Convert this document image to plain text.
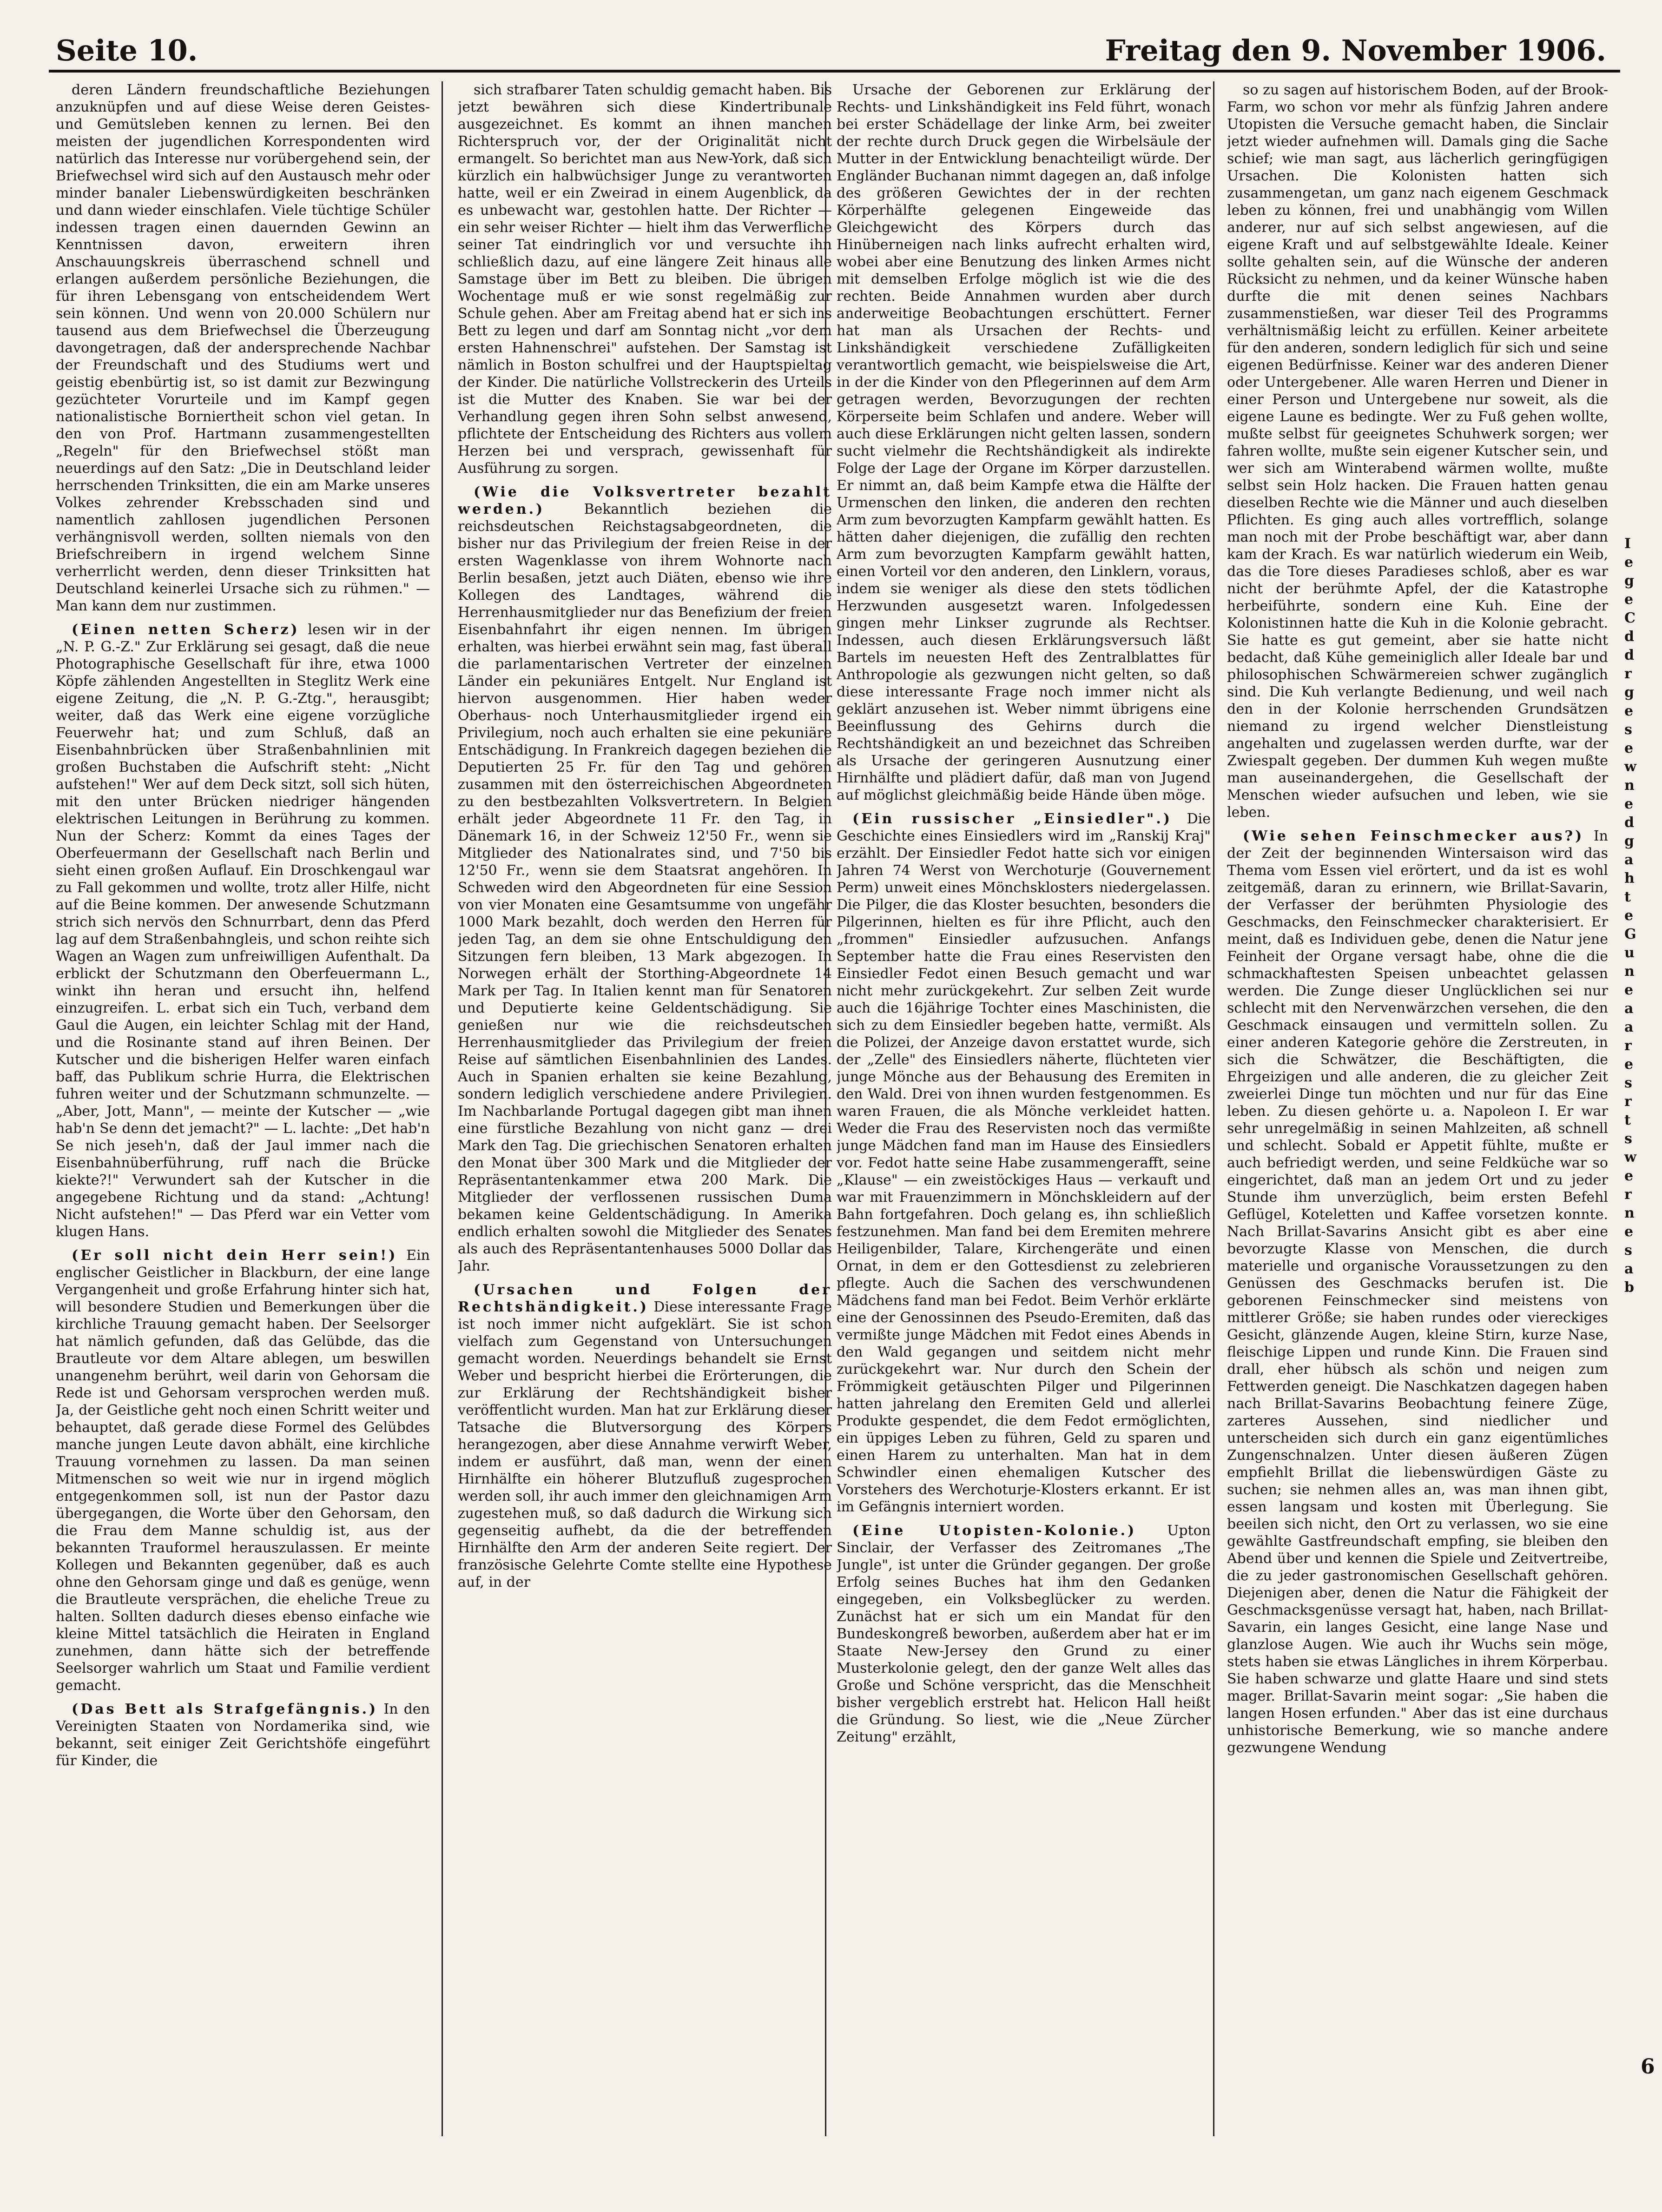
Seite 10.	Freitag den 9. November 1906.

deren Ländern freundschaftliche Beziehungen anzuknüpfen und auf diese Weise deren Geistes- und Gemütsleben kennen zu lernen. Bei den meisten der jugendlichen Korrespondenten wird natürlich das Interesse nur vorübergehend sein, der Briefwechsel wird sich auf den Austausch mehr oder minder banaler Liebenswürdigkeiten beschränken und dann wieder einschlafen. Viele tüchtige Schüler indessen tragen einen dauernden Gewinn an Kenntnissen davon, erweitern ihren Anschauungskreis überraschend schnell und erlangen außerdem persönliche Beziehungen, die für ihren Lebensgang von entscheidendem Wert sein können. Und wenn von 20.000 Schülern nur tausend aus dem Briefwechsel die Überzeugung davongetragen, daß der andersprechende Nachbar der Freundschaft und des Studiums wert und geistig ebenbürtig ist, so ist damit zur Bezwingung gezüchteter Vorurteile und im Kampf gegen nationalistische Borniertheit schon viel getan. In den von Prof. Hartmann zusammengestellten „Regeln" für den Briefwechsel stößt man neuerdings auf den Satz: „Die in Deutschland leider herrschenden Trinksitten, die ein am Marke unseres Volkes zehrender Krebsschaden sind und namentlich zahllosen jugendlichen Personen verhängnisvoll werden, sollten niemals von den Briefschreibern in irgend welchem Sinne verherrlicht werden, denn dieser Trinksitten hat Deutschland keinerlei Ursache sich zu rühmen." — Man kann dem nur zustimmen.

(Einen netten Scherz) lesen wir in der „N. P. G.-Z." Zur Erklärung sei gesagt, daß die neue Photographische Gesellschaft für ihre, etwa 1000 Köpfe zählenden Angestellten in Steglitz Werk eine eigene Zeitung, die „N. P. G.-Ztg.", herausgibt; weiter, daß das Werk eine eigene vorzügliche Feuerwehr hat; und zum Schluß, daß an Eisenbahnbrücken über Straßenbahnlinien mit großen Buchstaben die Aufschrift steht: „Nicht aufstehen!" Wer auf dem Deck sitzt, soll sich hüten, mit den unter Brücken niedriger hängenden elektrischen Leitungen in Berührung zu kommen. Nun der Scherz: Kommt da eines Tages der Oberfeuermann der Gesellschaft nach Berlin und sieht einen großen Auflauf. Ein Droschkengaul war zu Fall gekommen und wollte, trotz aller Hilfe, nicht auf die Beine kommen. Der anwesende Schutzmann strich sich nervös den Schnurrbart, denn das Pferd lag auf dem Straßenbahngleis, und schon reihte sich Wagen an Wagen zum unfreiwilligen Aufenthalt. Da erblickt der Schutzmann den Oberfeuermann L., winkt ihn heran und ersucht ihn, helfend einzugreifen. L. erbat sich ein Tuch, verband dem Gaul die Augen, ein leichter Schlag mit der Hand, und die Rosinante stand auf ihren Beinen. Der Kutscher und die bisherigen Helfer waren einfach baff, das Publikum schrie Hurra, die Elektrischen fuhren weiter und der Schutzmann schmunzelte. — „Aber, Jott, Mann", — meinte der Kutscher — „wie hab'n Se denn det jemacht?" — L. lachte: „Det hab'n Se nich jeseh'n, daß der Jaul immer nach die Eisenbahnüberführung, ruff nach die Brücke kiekte?!" Verwundert sah der Kutscher in die angegebene Richtung und da stand: „Achtung! Nicht aufstehen!" — Das Pferd war ein Vetter vom klugen Hans.

(Er soll nicht dein Herr sein!) Ein englischer Geistlicher in Blackburn, der eine lange Vergangenheit und große Erfahrung hinter sich hat, will besondere Studien und Bemerkungen über die kirchliche Trauung gemacht haben. Der Seelsorger hat nämlich gefunden, daß das Gelübde, das die Brautleute vor dem Altare ablegen, um beswillen unangenehm berührt, weil darin von Gehorsam die Rede ist und Gehorsam versprochen werden muß. Ja, der Geistliche geht noch einen Schritt weiter und behauptet, daß gerade diese Formel des Gelübdes manche jungen Leute davon abhält, eine kirchliche Trauung vornehmen zu lassen. Da man seinen Mitmenschen so weit wie nur in irgend möglich entgegenkommen soll, ist nun der Pastor dazu übergegangen, die Worte über den Gehorsam, den die Frau dem Manne schuldig ist, aus der bekannten Trauformel herauszulassen. Er meinte Kollegen und Bekannten gegenüber, daß es auch ohne den Gehorsam ginge und daß es genüge, wenn die Brautleute versprächen, die eheliche Treue zu halten. Sollten dadurch dieses ebenso einfache wie kleine Mittel tatsächlich die Heiraten in England zunehmen, dann hätte sich der betreffende Seelsorger wahrlich um Staat und Familie verdient gemacht.

(Das Bett als Strafgefängnis.) In den Vereinigten Staaten von Nordamerika sind, wie bekannt, seit einiger Zeit Gerichtshöfe eingeführt für Kinder, die

sich strafbarer Taten schuldig gemacht haben. Bis jetzt bewähren sich diese Kindertribunale ausgezeichnet. Es kommt an ihnen manchen Richterspruch vor, der der Originalität nicht ermangelt. So berichtet man aus New-York, daß sich kürzlich ein halbwüchsiger Junge zu verantworten hatte, weil er ein Zweirad in einem Augenblick, da es unbewacht war, gestohlen hatte. Der Richter — ein sehr weiser Richter — hielt ihm das Verwerfliche seiner Tat eindringlich vor und versuchte ihn schließlich dazu, auf eine längere Zeit hinaus alle Samstage über im Bett zu bleiben. Die übrigen Wochentage muß er wie sonst regelmäßig zur Schule gehen. Aber am Freitag abend hat er sich ins Bett zu legen und darf am Sonntag nicht „vor dem ersten Hahnenschrei" aufstehen. Der Samstag ist nämlich in Boston schulfrei und der Hauptspieltag der Kinder. Die natürliche Vollstreckerin des Urteils ist die Mutter des Knaben. Sie war bei der Verhandlung gegen ihren Sohn selbst anwesend, pflichtete der Entscheidung des Richters aus vollem Herzen bei und versprach, gewissenhaft für Ausführung zu sorgen.

(Wie die Volksvertreter bezahlt werden.)	Bekanntlich beziehen die reichsdeutschen Reichstagsabgeordneten, die bisher nur das Privilegium der freien Reise in der ersten Wagenklasse von ihrem Wohnorte nach Berlin besaßen, jetzt auch Diäten, ebenso wie ihre Kollegen des Landtages, während die Herrenhausmitglieder nur das Benefizium der freien Eisenbahnfahrt ihr eigen nennen. Im übrigen erhalten, was hierbei erwähnt sein mag, fast überall die parlamentarischen Vertreter der einzelnen Länder ein pekuniäres Entgelt. Nur England ist hiervon ausgenommen. Hier haben weder Oberhaus- noch Unterhausmitglieder irgend ein Privilegium, noch auch erhalten sie eine pekuniäre Entschädigung. In Frankreich dagegen beziehen die Deputierten 25 Fr. für den Tag und gehören zusammen mit den österreichischen Abgeordneten zu den bestbezahlten Volksvertretern. In Belgien erhält jeder Abgeordnete 11 Fr. den Tag, in Dänemark 16, in der Schweiz 12'50 Fr., wenn sie Mitglieder des Nationalrates sind, und 7'50 bis 12'50 Fr., wenn sie dem Staatsrat angehören. In Schweden wird den Abgeordneten für eine Session von vier Monaten eine Gesamtsumme von ungefähr 1000 Mark bezahlt, doch werden den Herren für jeden Tag, an dem sie ohne Entschuldigung den Sitzungen fern bleiben, 13 Mark abgezogen. In Norwegen erhält der Storthing-Abgeordnete 14 Mark per Tag. In Italien kennt man für Senatoren und Deputierte keine Geldentschädigung. Sie genießen nur wie die reichsdeutschen Herrenhausmitglieder das Privilegium der freien Reise auf sämtlichen Eisenbahnlinien des Landes. Auch in Spanien erhalten sie keine Bezahlung, sondern lediglich verschiedene andere Privilegien. Im Nachbarlande Portugal dagegen gibt man ihnen eine fürstliche Bezahlung von nicht ganz — drei Mark den Tag. Die griechischen Senatoren erhalten den Monat über 300 Mark und die Mitglieder der Repräsentantenkammer etwa 200 Mark. Die Mitglieder der verflossenen russischen Duma bekamen keine Geldentschädigung. In Amerika endlich erhalten sowohl die Mitglieder des Senates als auch des Repräsentantenhauses 5000 Dollar das Jahr.

(Ursachen und Folgen der Rechtshändigkeit.) Diese interessante Frage ist noch immer nicht aufgeklärt. Sie ist schon vielfach zum Gegenstand von Untersuchungen gemacht worden. Neuerdings behandelt sie Ernst Weber und bespricht hierbei die Erörterungen, die zur Erklärung der Rechtshändigkeit bisher veröffentlicht wurden. Man hat zur Erklärung dieser Tatsache die Blutversorgung des Körpers herangezogen, aber diese Annahme verwirft Weber, indem er ausführt, daß man, wenn der einen Hirnhälfte ein höherer Blutzufluß zugesprochen werden soll, ihr auch immer den gleichnamigen Arm zugestehen muß, so daß dadurch die Wirkung sich gegenseitig aufhebt, da die der betreffenden Hirnhälfte den Arm der anderen Seite regiert. Der französische Gelehrte Comte stellte eine Hypothese auf, in der

Ursache der Geborenen zur Erklärung der Rechts- und Linkshändigkeit ins Feld führt, wonach bei erster Schädellage der linke Arm, bei zweiter der rechte durch Druck gegen die Wirbelsäule der Mutter in der Entwicklung benachteiligt würde. Der Engländer Buchanan nimmt dagegen an, daß infolge des größeren Gewichtes der in der rechten Körperhälfte gelegenen Eingeweide das Gleichgewicht des Körpers durch das Hinüberneigen nach links aufrecht erhalten wird, wobei aber eine Benutzung des linken Armes nicht mit demselben Erfolge möglich ist wie die des rechten. Beide Annahmen wurden aber durch anderweitige Beobachtungen erschüttert. Ferner hat man als Ursachen der Rechts- und Linkshändigkeit verschiedene Zufälligkeiten verantwortlich gemacht, wie beispielsweise die Art, in der die Kinder von den Pflegerinnen auf dem Arm getragen werden, Bevorzugungen der rechten Körperseite beim Schlafen und andere. Weber will auch diese Erklärungen nicht gelten lassen, sondern sucht vielmehr die Rechtshändigkeit als indirekte Folge der Lage der Organe im Körper darzustellen. Er nimmt an, daß beim Kampfe etwa die Hälfte der Urmenschen den linken, die anderen den rechten Arm zum bevorzugten Kampfarm gewählt hatten. Es hätten daher diejenigen, die zufällig den rechten Arm zum bevorzugten Kampfarm gewählt hatten, einen Vorteil vor den anderen, den Linklern, voraus, indem sie weniger als diese den stets tödlichen Herzwunden ausgesetzt waren. Infolgedessen gingen mehr Linkser zugrunde als Rechtser. Indessen, auch diesen Erklärungsversuch läßt Bartels im neuesten Heft des Zentralblattes für Anthropologie als gezwungen nicht gelten, so daß diese interessante Frage noch immer nicht als geklärt anzusehen ist. Weber nimmt übrigens eine Beeinflussung des Gehirns durch die Rechtshändigkeit an und bezeichnet das Schreiben als Ursache der geringeren Ausnutzung einer Hirnhälfte und plädiert dafür, daß man von Jugend auf möglichst gleichmäßig beide Hände üben möge.

(Ein russischer „Einsiedler".) Die Geschichte eines Einsiedlers wird im „Ranskij Kraj" erzählt. Der Einsiedler Fedot hatte sich vor einigen Jahren 74 Werst von Werchoturje (Gouvernement Perm) unweit eines Mönchsklosters niedergelassen. Die Pilger, die das Kloster besuchten, besonders die Pilgerinnen, hielten es für ihre Pflicht, auch den „frommen" Einsiedler aufzusuchen. Anfangs September hatte die Frau eines Reservisten den Einsiedler Fedot einen Besuch gemacht und war nicht mehr zurückgekehrt. Zur selben Zeit wurde auch die 16jährige Tochter eines Maschinisten, die sich zu dem Einsiedler begeben hatte, vermißt. Als die Polizei, der Anzeige davon erstattet wurde, sich der „Zelle" des Einsiedlers näherte, flüchteten vier junge Mönche aus der Behausung des Eremiten in den Wald. Drei von ihnen wurden festgenommen. Es waren Frauen, die als Mönche verkleidet hatten. Weder die Frau des Reservisten noch das vermißte junge Mädchen fand man im Hause des Einsiedlers vor. Fedot hatte seine Habe zusammengerafft, seine „Klause" — ein zweistöckiges Haus — verkauft und war mit Frauenzimmern in Mönchskleidern auf der Bahn fortgefahren. Doch gelang es, ihn schließlich festzunehmen. Man fand bei dem Eremiten mehrere Heiligenbilder, Talare, Kirchengeräte und einen Ornat, in dem er den Gottesdienst zu zelebrieren pflegte. Auch die Sachen des verschwundenen Mädchens fand man bei Fedot. Beim Verhör erklärte eine der Genossinnen des Pseudo-Eremiten, daß das vermißte junge Mädchen mit Fedot eines Abends in den Wald gegangen und seitdem nicht mehr zurückgekehrt war. Nur durch den Schein der Frömmigkeit getäuschten Pilger und Pilgerinnen hatten jahrelang den Eremiten Geld und allerlei Produkte gespendet, die dem Fedot ermöglichten, ein üppiges Leben zu führen, Geld zu sparen und einen Harem zu unterhalten. Man hat in dem Schwindler einen ehemaligen Kutscher des Vorstehers des Werchoturje-Klosters erkannt. Er ist im Gefängnis interniert worden.

(Eine Utopisten-Kolonie.) Upton Sinclair, der Verfasser des Zeitromanes „The Jungle", ist unter die Gründer gegangen. Der große Erfolg seines Buches hat ihm den Gedanken eingegeben, ein Volksbeglücker zu werden. Zunächst hat er sich um ein Mandat für den Bundeskongreß beworben, außerdem aber hat er im Staate New-Jersey den Grund zu einer Musterkolonie gelegt, den der ganze Welt alles das Große und Schöne verspricht, das die Menschheit bisher vergeblich erstrebt hat. Helicon Hall heißt die Gründung. So liest, wie die „Neue Zürcher Zeitung" erzählt,

so zu sagen auf historischem Boden, auf der Brook-Farm, wo schon vor mehr als fünfzig Jahren andere Utopisten die Versuche gemacht haben, die Sinclair jetzt wieder aufnehmen will. Damals ging die Sache schief; wie man sagt, aus lächerlich geringfügigen Ursachen. Die Kolonisten hatten sich zusammengetan, um ganz nach eigenem Geschmack leben zu können, frei und unabhängig vom Willen anderer, nur auf sich selbst angewiesen, auf die eigene Kraft und auf selbstgewählte Ideale. Keiner sollte gehalten sein, auf die Wünsche der anderen Rücksicht zu nehmen, und da keiner Wünsche haben durfte die mit denen seines Nachbars zusammenstießen, war dieser Teil des Programms verhältnismäßig leicht zu erfüllen. Keiner arbeitete für den anderen, sondern lediglich für sich und seine eigenen Bedürfnisse. Keiner war des anderen Diener oder Untergebener. Alle waren Herren und Diener in einer Person und Untergebene nur soweit, als die eigene Laune es bedingte. Wer zu Fuß gehen wollte, mußte selbst für geeignetes Schuhwerk sorgen; wer fahren wollte, mußte sein eigener Kutscher sein, und wer sich am Winterabend wärmen wollte, mußte selbst sein Holz hacken. Die Frauen hatten genau dieselben Rechte wie die Männer und auch dieselben Pflichten. Es ging auch alles vortrefflich, solange man noch mit der Probe beschäftigt war, aber dann kam der Krach. Es war natürlich wiederum ein Weib, das die Tore dieses Paradieses schloß, aber es war nicht der berühmte Apfel, der die Katastrophe herbeiführte, sondern eine Kuh. Eine der Kolonistinnen hatte die Kuh in die Kolonie gebracht. Sie hatte es gut gemeint, aber sie hatte nicht bedacht, daß Kühe gemeiniglich aller Ideale bar und philosophischen Schwärmereien schwer zugänglich sind. Die Kuh verlangte Bedienung, und weil nach den in der Kolonie herrschenden Grundsätzen niemand zu irgend welcher Dienstleistung angehalten und zugelassen werden durfte, war der Zwiespalt gegeben. Der dummen Kuh wegen mußte man auseinandergehen, die Gesellschaft der Menschen wieder aufsuchen und leben, wie sie leben.

(Wie sehen Feinschmecker aus?) In der Zeit der beginnenden Wintersaison wird das Thema vom Essen viel erörtert, und da ist es wohl zeitgemäß, daran zu erinnern, wie Brillat-Savarin, der Verfasser der berühmten Physiologie des Geschmacks, den Feinschmecker charakterisiert. Er meint, daß es Individuen gebe, denen die Natur jene Feinheit der Organe versagt habe, ohne die die schmackhaftesten Speisen unbeachtet gelassen werden. Die Zunge dieser Unglücklichen sei nur schlecht mit den Nervenwärzchen versehen, die den Geschmack einsaugen und vermitteln sollen. Zu einer anderen Kategorie gehöre die Zerstreuten, in sich die Schwätzer, die Beschäftigten, die Ehrgeizigen und alle anderen, die zu gleicher Zeit zweierlei Dinge tun möchten und nur für das Eine leben. Zu diesen gehörte u. a. Napoleon I. Er war sehr unregelmäßig in seinen Mahlzeiten, aß schnell und schlecht. Sobald er Appetit fühlte, mußte er auch befriedigt werden, und seine Feldküche war so eingerichtet, daß man an jedem Ort und zu jeder Stunde ihm unverzüglich, beim ersten Befehl Geflügel, Koteletten und Kaffee vorsetzen konnte. Nach Brillat-Savarins Ansicht gibt es aber eine bevorzugte Klasse von Menschen, die durch materielle und organische Voraussetzungen zu den Genüssen des Geschmacks berufen ist. Die geborenen Feinschmecker sind meistens von mittlerer Größe; sie haben rundes oder viereckiges Gesicht, glänzende Augen, kleine Stirn, kurze Nase, fleischige Lippen und runde Kinn. Die Frauen sind drall, eher hübsch als schön und neigen zum Fettwerden geneigt. Die Naschkatzen dagegen haben nach Brillat-Savarins Beobachtung feinere Züge, zarteres Aussehen, sind niedlicher und unterscheiden sich durch ein ganz eigentümliches Zungenschnalzen. Unter diesen äußeren Zügen empfiehlt Brillat die liebenswürdigen Gäste zu suchen; sie nehmen alles an, was man ihnen gibt, essen langsam und kosten mit Überlegung. Sie beeilen sich nicht, den Ort zu verlassen, wo sie eine gewählte Gastfreundschaft empfing, sie bleiben den Abend über und kennen die Spiele und Zeitvertreibe, die zu jeder gastronomischen Gesellschaft gehören. Diejenigen aber, denen die Natur die Fähigkeit der Geschmacksgenüsse versagt hat, haben, nach Brillat-Savarin, ein langes Gesicht, eine lange Nase und glanzlose Augen. Wie auch ihr Wuchs sein möge, stets haben sie etwas Längliches in ihrem Körperbau. Sie haben schwarze und glatte Haare und sind stets mager. Brillat-Savarin meint sogar: „Sie haben die langen Hosen erfunden." Aber das ist eine durchaus unhistorische Bemerkung, wie so manche andere gezwungene Wendung

I
e
g
e
C
d
d
r
g
e
s
e
w
n
e
d
g
a
h
t
e
G
u
n
e
a
a
r
e
s
r
t
s
w
e
r
n
e
s
a
b
6
